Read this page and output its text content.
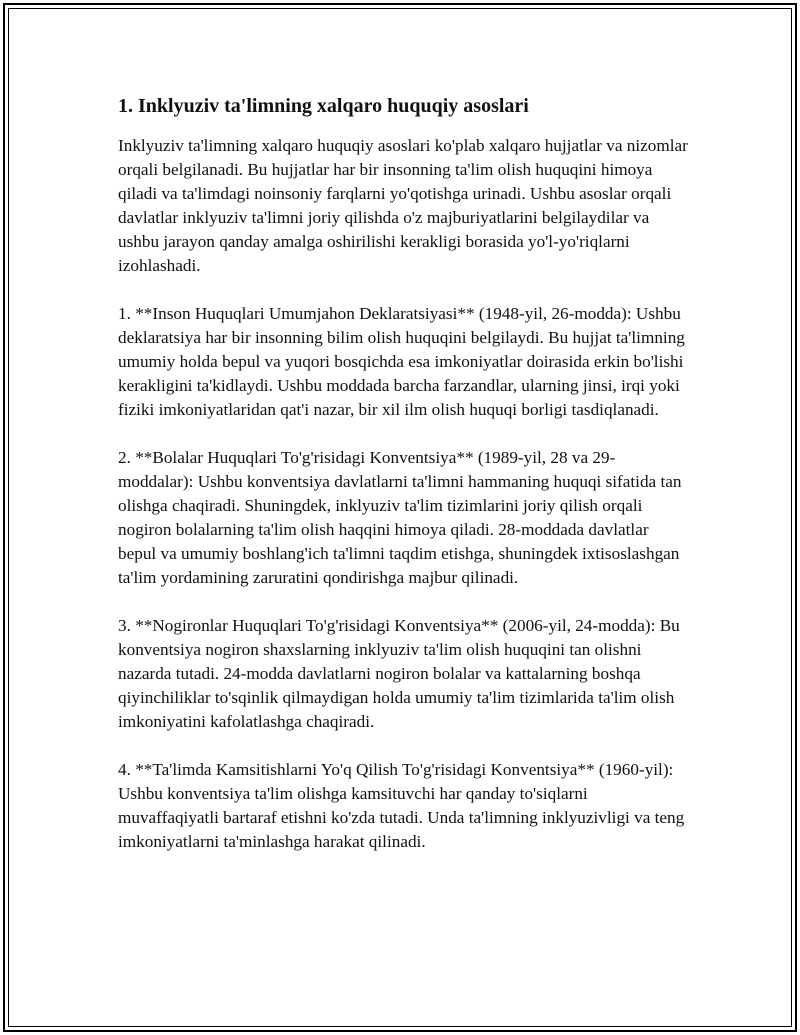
1. Inklyuziv ta'limning xalqaro huquqiy asoslari

Inklyuziv ta'limning xalqaro huquqiy asoslari ko'plab xalqaro hujjatlar va nizomlar orqali belgilanadi. Bu hujjatlar har bir insonning ta'lim olish huquqini himoya qiladi va ta'limdagi noinsoniy farqlarni yo'qotishga urinadi. Ushbu asoslar orqali davlatlar inklyuziv ta'limni joriy qilishda o'z majburiyatlarini belgilaydilar va ushbu jarayon qanday amalga oshirilishi kerakligi borasida yo'l-yo'riqlarni izohlashadi.

1. **Inson Huquqlari Umumjahon Deklaratsiyasi** (1948-yil, 26-modda): Ushbu deklaratsiya har bir insonning bilim olish huquqini belgilaydi. Bu hujjat ta'limning umumiy holda bepul va yuqori bosqichda esa imkoniyatlar doirasida erkin bo'lishi kerakligini ta'kidlaydi. Ushbu moddada barcha farzandlar, ularning jinsi, irqi yoki fiziki imkoniyatlaridan qat'i nazar, bir xil ilm olish huquqi borligi tasdiqlanadi.

2. **Bolalar Huquqlari To'g'risidagi Konventsiya** (1989-yil, 28 va 29-moddalar): Ushbu konventsiya davlatlarni ta'limni hammaning huquqi sifatida tan olishga chaqiradi. Shuningdek, inklyuziv ta'lim tizimlarini joriy qilish orqali nogiron bolalarning ta'lim olish haqqini himoya qiladi. 28-moddada davlatlar bepul va umumiy boshlang'ich ta'limni taqdim etishga, shuningdek ixtisoslashgan ta'lim yordamining zaruratini qondirishga majbur qilinadi.

3. **Nogironlar Huquqlari To'g'risidagi Konventsiya** (2006-yil, 24-modda): Bu konventsiya nogiron shaxslarning inklyuziv ta'lim olish huquqini tan olishni nazarda tutadi. 24-modda davlatlarni nogiron bolalar va kattalarning boshqa qiyinchiliklar to'sqinlik qilmaydigan holda umumiy ta'lim tizimlarida ta'lim olish imkoniyatini kafolatlashga chaqiradi.

4. **Ta'limda Kamsitishlarni Yo'q Qilish To'g'risidagi Konventsiya** (1960-yil): Ushbu konventsiya ta'lim olishga kamsituvchi har qanday to'siqlarni muvaffaqiyatli bartaraf etishni ko'zda tutadi. Unda ta'limning inklyuzivligi va teng imkoniyatlarni ta'minlashga harakat qilinadi.
